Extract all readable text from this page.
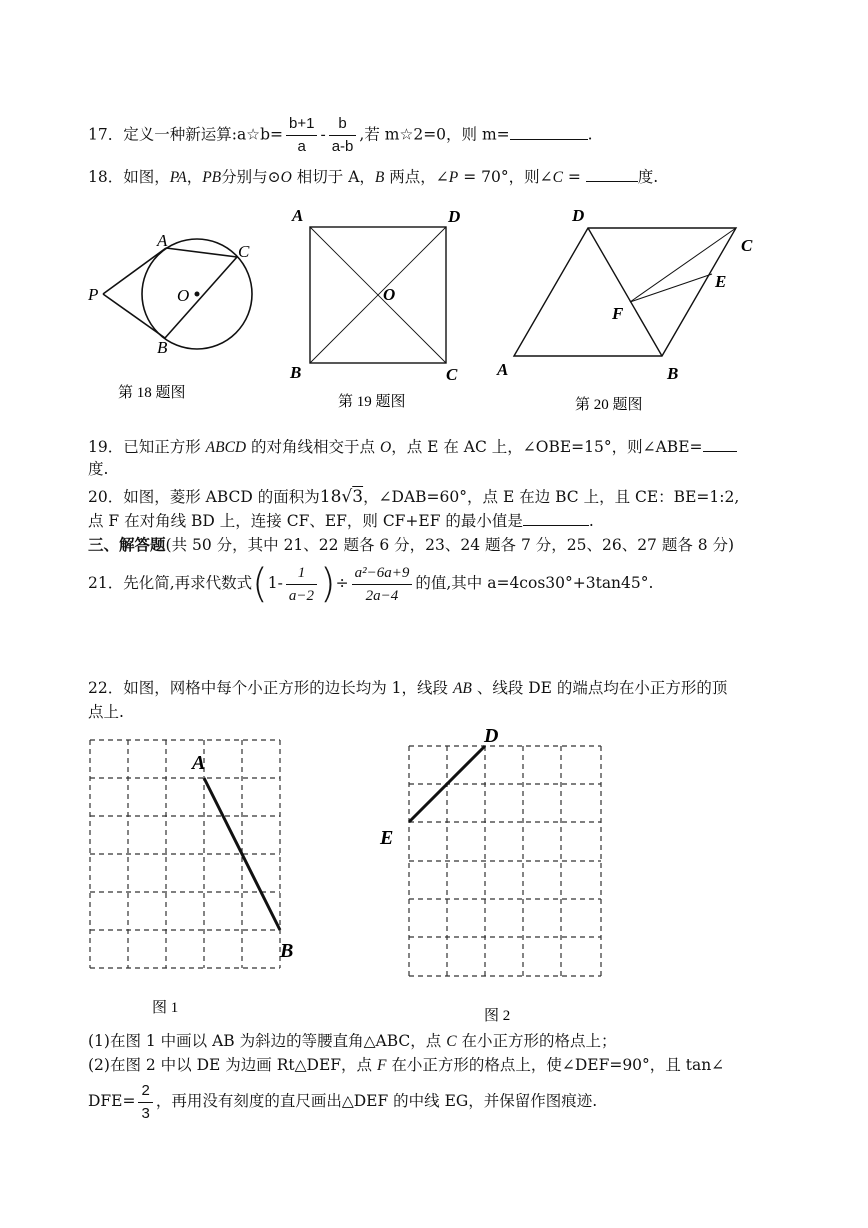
17．定义一种新运算:a☆b= $\frac{b+1}{a} - \frac{b}{a-b}$ ,若 m☆2=0，则 m=	.
18．如图，PA，PB分别与⊙O 相切于 A，B 两点，∠P = 70°，则∠C =	度.
P
A
C
O
B
第 18 题图
A	D
B	C
O
第 19 题图
D
C
E
F
A	B
第 20 题图
19．已知正方形 ABCD 的对角线相交于点 O，点 E 在 AC 上，∠OBE=15°，则∠ABE=
度.
20．如图，菱形 ABCD 的面积为18√3，∠DAB=60°，点 E 在边 BC 上，且 CE：BE=1:2,
点 F 在对角线 BD 上，连接 CF、EF，则 CF+EF 的最小值是	.
三、解答题(共 50 分，其中 21、22 题各 6 分，23、24 题各 7 分，25、26、27 题各 8 分)
21．先化简,再求代数式($1- \frac{1}{a-2}$ )÷ $\frac{\text{a²−6a+9}}{2a-4}$ 的值,其中 a=4cos30°+3tan45°.
22．如图，网格中每个小正方形的边长均为 1，线段 AB 、线段 DE 的端点均在小正方形的顶
点上.
A
B
图 1
D
E
图 2
(1)在图 1 中画以 AB 为斜边的等腰直角△ABC，点 C 在小正方形的格点上；
(2)在图 2 中以 DE 为边画 Rt△DEF，点 F 在小正方形的格点上，使∠DEF=90°，且 tan∠
$DFE= \frac{2}{3}$ ，再用没有刻度的直尺画出△DEF 的中线 EG，并保留作图痕迹.
